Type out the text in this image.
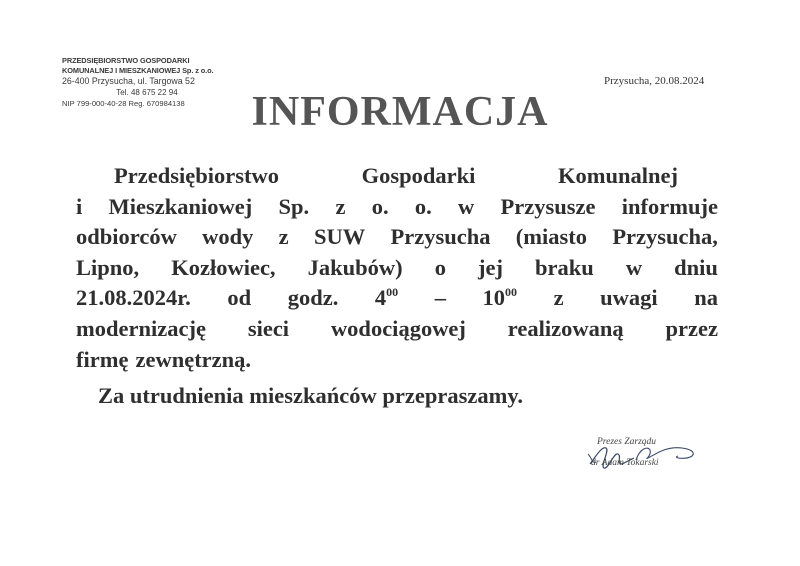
PRZEDSIĘBIORSTWO GOSPODARKI
KOMUNALNEJ I MIESZKANIOWEJ Sp. z o.o.
26-400 Przysucha, ul. Targowa 52
Tel. 48 675 22 94
NIP 799-000-40-28 Reg. 670984138
Przysucha, 20.08.2024
INFORMACJA
Przedsiębiorstwo	Gospodarki	Komunalnej
i Mieszkaniowej Sp. z o. o. w Przysusze informuje
odbiorców wody z SUW Przysucha (miasto Przysucha,
Lipno, Kozłowiec, Jakubów) o jej braku w dniu
21.08.2024r. od godz. $4^{00} - 10^{00}$ z uwagi na
modernizację sieci wodociągowej realizowaną przez
firmę zewnętrzną.
Za utrudnienia mieszkańców przepraszamy.
Prezes Zarządu
dr Adam Tokarski
